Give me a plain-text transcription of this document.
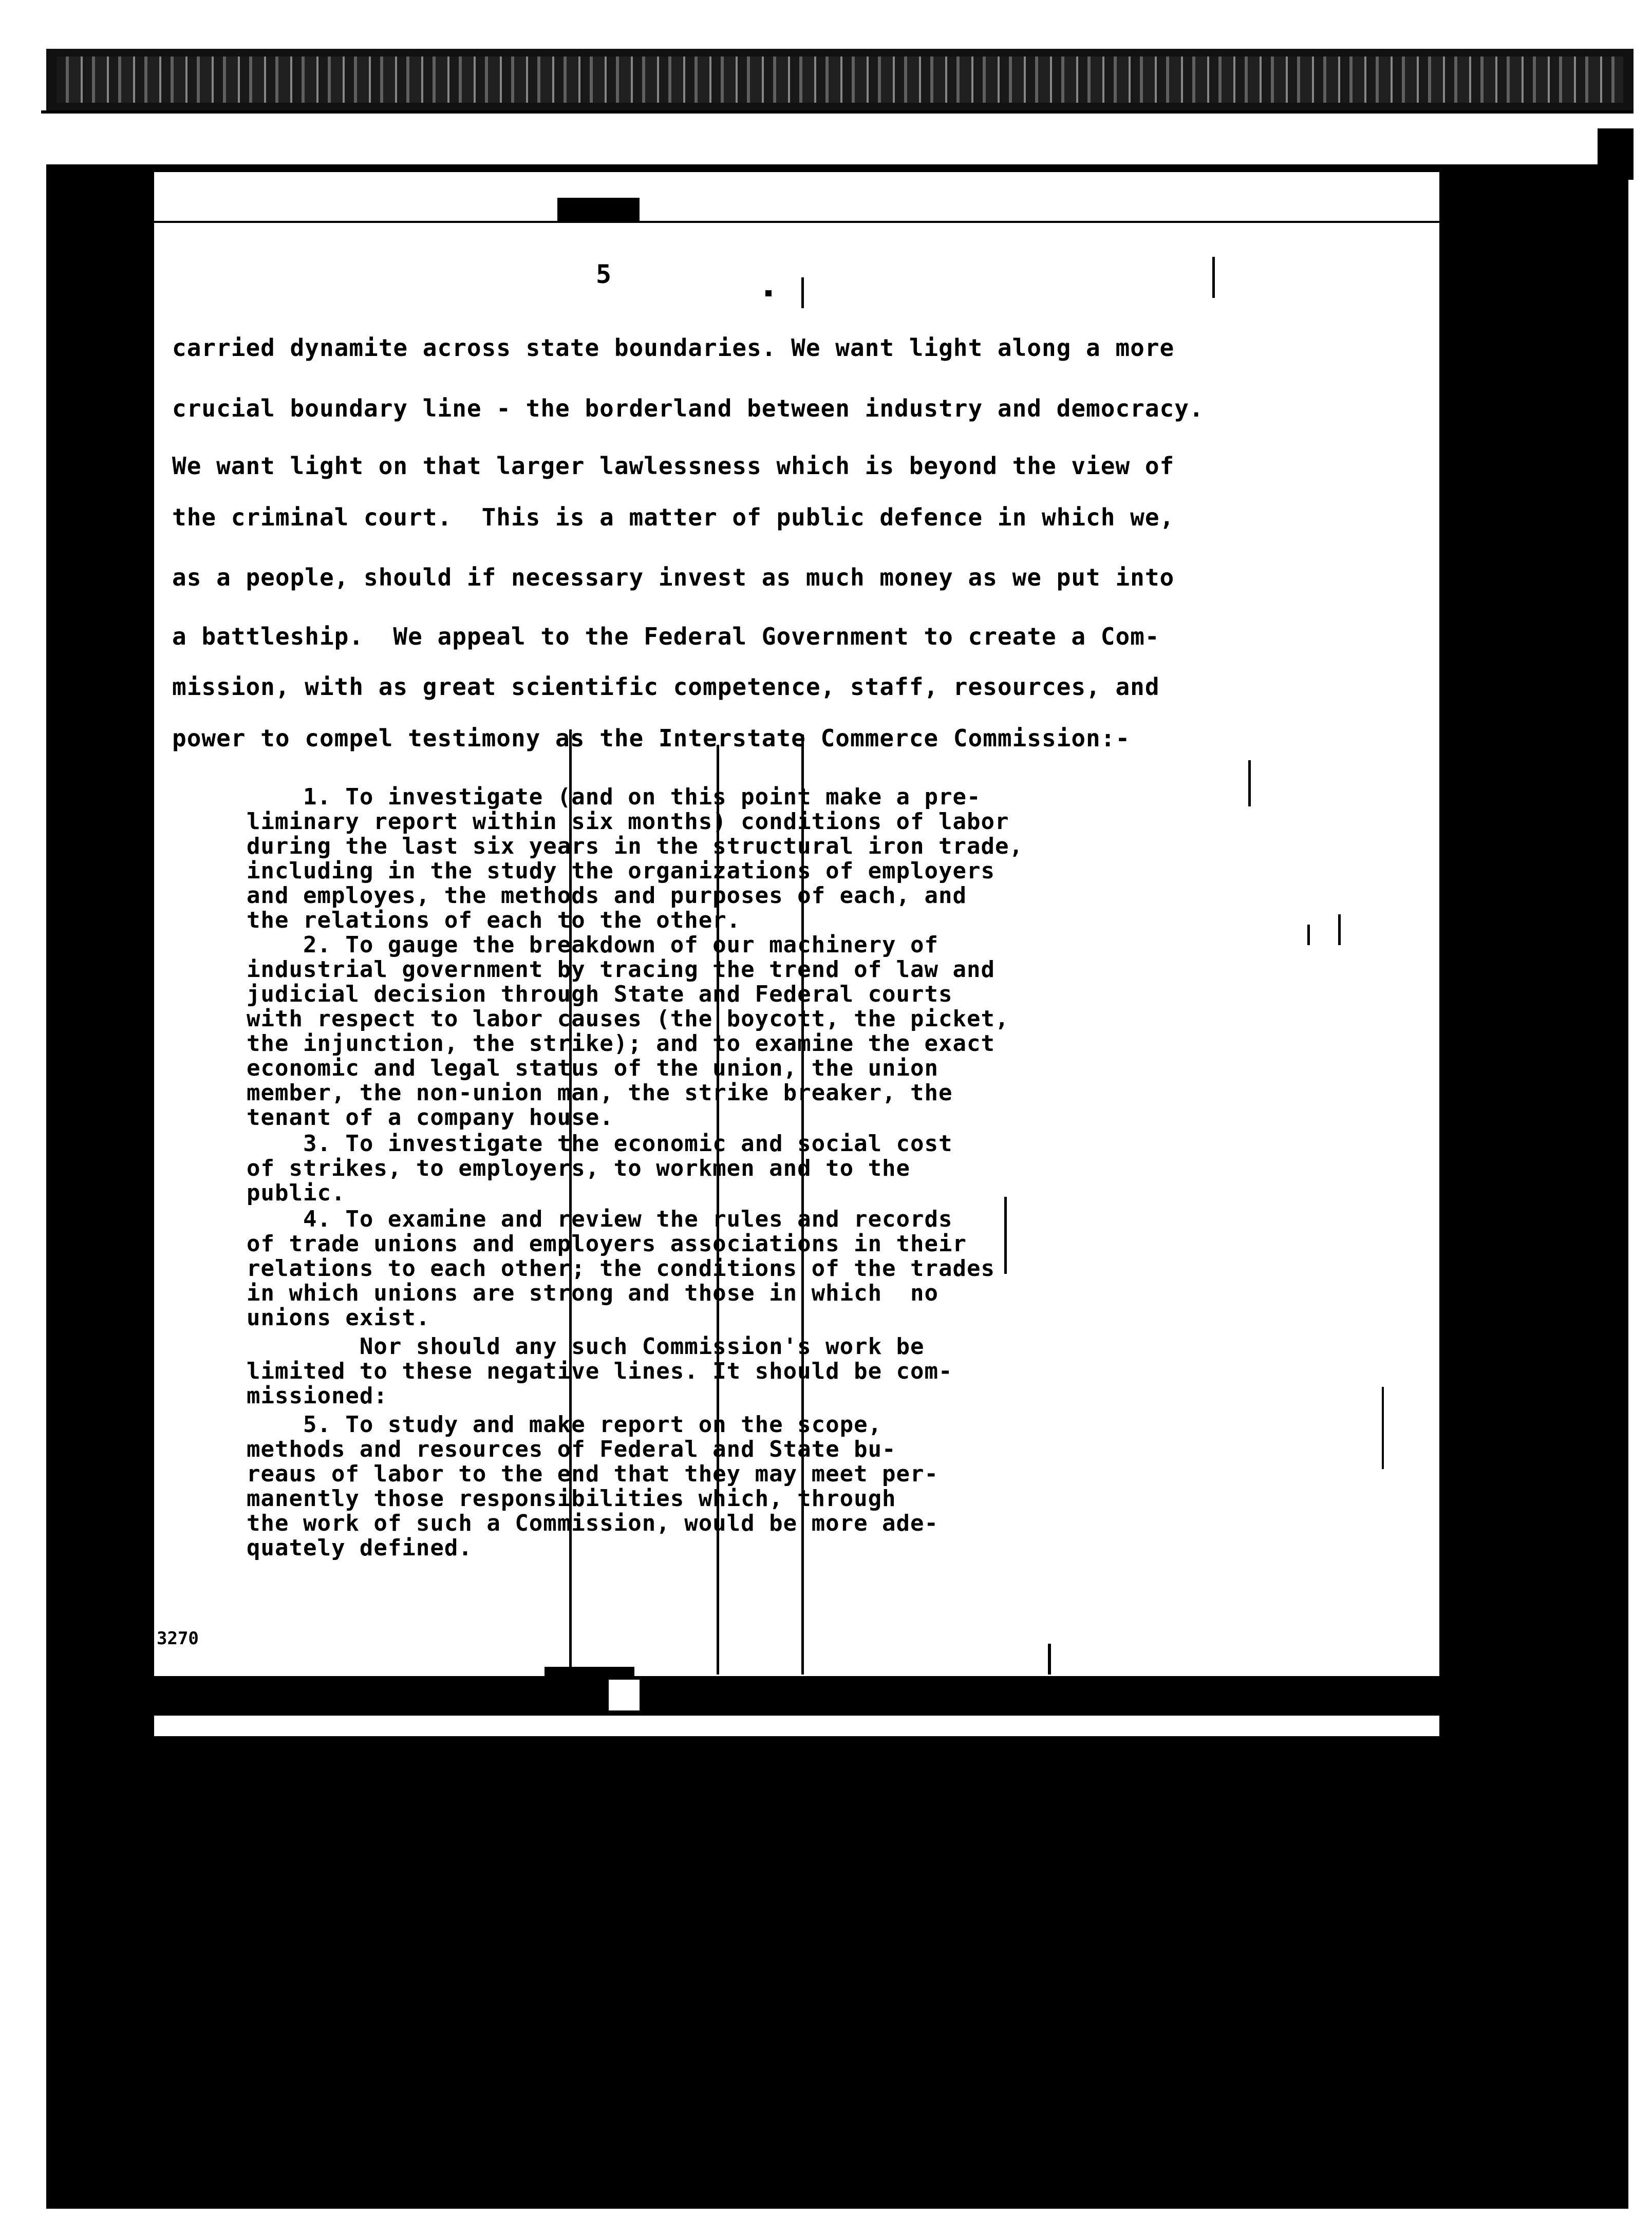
5
carried dynamite across state boundaries. We want light along a more
crucial boundary line - the borderland between industry and democracy.
We want light on that larger lawlessness which is beyond the view of
the criminal court.  This is a matter of public defence in which we,
as a people, should if necessary invest as much money as we put into
a battleship.  We appeal to the Federal Government to create a Com-
mission, with as great scientific competence, staff, resources, and
power to compel testimony as the Interstate Commerce Commission:-
1. To investigate (and on this point make a pre-
liminary report within six months) conditions of labor
during the last six years in the structural iron trade,
including in the study the organizations of employers
and employes, the methods and purposes of each, and
the relations of each to the other.
2. To gauge the breakdown of our machinery of
industrial government by tracing the trend of law and
judicial decision through State and Federal courts
with respect to labor causes (the boycott, the picket,
the injunction, the strike); and to examine the exact
economic and legal status of the union, the union
member, the non-union man, the strike breaker, the
tenant of a company house.
3. To investigate the economic and social cost
of strikes, to employers, to workmen and to the
public.
4. To examine and review the rules and records
of trade unions and employers associations in their
relations to each other; the conditions of the trades
in which unions are strong and those in which  no
unions exist.
Nor should any such Commission's work be
limited to these negative lines. It should be com-
missioned:
5. To study and make report on the scope,
methods and resources of Federal and State bu-
reaus of labor to the end that they may meet per-
manently those responsibilities which, through
the work of such a Commission, would be more ade-
quately defined.
3270
